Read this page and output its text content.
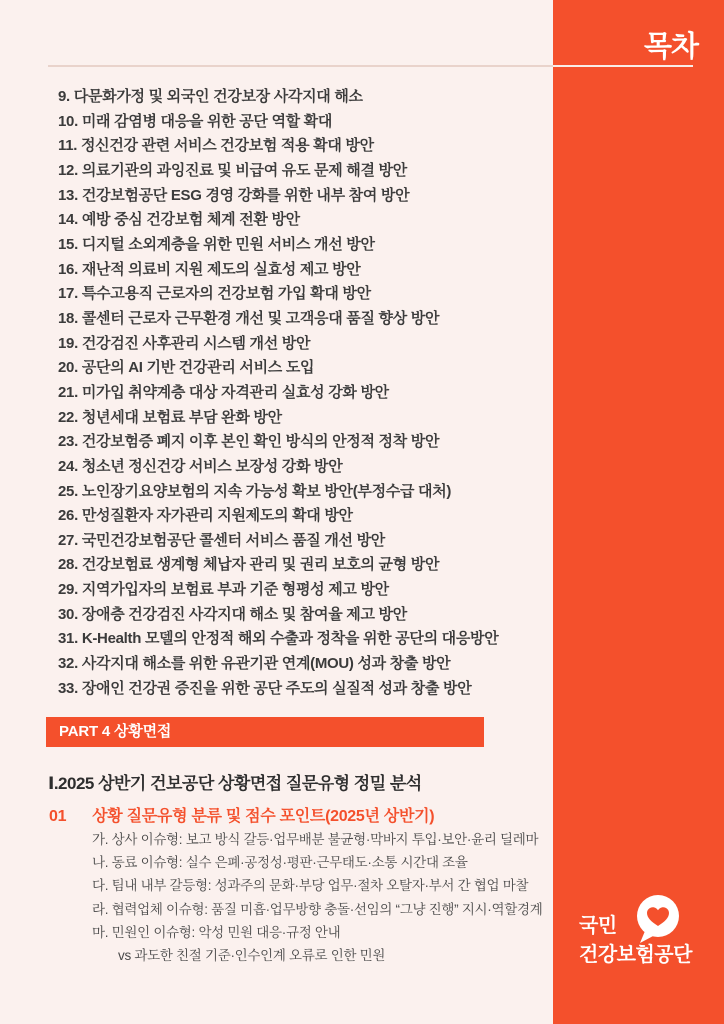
목차
9. 다문화가정 및 외국인 건강보장 사각지대 해소
10. 미래 감염병 대응을 위한 공단 역할 확대
11. 정신건강 관련 서비스 건강보험 적용 확대 방안
12. 의료기관의 과잉진료 및 비급여 유도 문제 해결 방안
13. 건강보험공단 ESG 경영 강화를 위한 내부 참여 방안
14. 예방 중심 건강보험 체계 전환 방안
15. 디지털 소외계층을 위한 민원 서비스 개선 방안
16. 재난적 의료비 지원 제도의 실효성 제고 방안
17. 특수고용직 근로자의 건강보험 가입 확대 방안
18. 콜센터 근로자 근무환경 개선 및 고객응대 품질 향상 방안
19. 건강검진 사후관리 시스템 개선 방안
20. 공단의 AI 기반 건강관리 서비스 도입
21. 미가입 취약계층 대상 자격관리 실효성 강화 방안
22. 청년세대 보험료 부담 완화 방안
23. 건강보험증 폐지 이후 본인 확인 방식의 안정적 정착 방안
24. 청소년 정신건강 서비스 보장성 강화 방안
25. 노인장기요양보험의 지속 가능성 확보 방안(부정수급 대처)
26. 만성질환자 자가관리 지원제도의 확대 방안
27. 국민건강보험공단 콜센터 서비스 품질 개선 방안
28. 건강보험료 생계형 체납자 관리 및 권리 보호의 균형 방안
29. 지역가입자의 보험료 부과 기준 형평성 제고 방안
30. 장애층 건강검진 사각지대 해소 및 참여율 제고 방안
31. K-Health 모델의 안정적 해외 수출과 정착을 위한 공단의 대응방안
32. 사각지대 해소를 위한 유관기관 연계(MOU) 성과 창출 방안
33. 장애인 건강권 증진을 위한 공단 주도의 실질적 성과 창출 방안
PART 4 상황면접
Ⅰ.2025 상반기 건보공단 상황면접 질문유형 정밀 분석
01 상황 질문유형 분류 및 점수 포인트(2025년 상반기)
가. 상사 이슈형: 보고 방식 갈등·업무배분 불균형·막바지 투입·보안·윤리 딜레마
나. 동료 이슈형: 실수 은폐·공정성·평판·근무태도·소통 시간대 조율
다. 팀내 내부 갈등형: 성과주의 문화·부당 업무·절차 오탈자·부서 간 협업 마찰
라. 협력업체 이슈형: 품질 미흡·업무방향 충돌·선임의 “그냥 진행” 지시·역할경계
마. 민원인 이슈형: 악성 민원 대응·규정 안내
vs 과도한 친절 기준·인수인계 오류로 인한 민원
국민
건강보험공단
